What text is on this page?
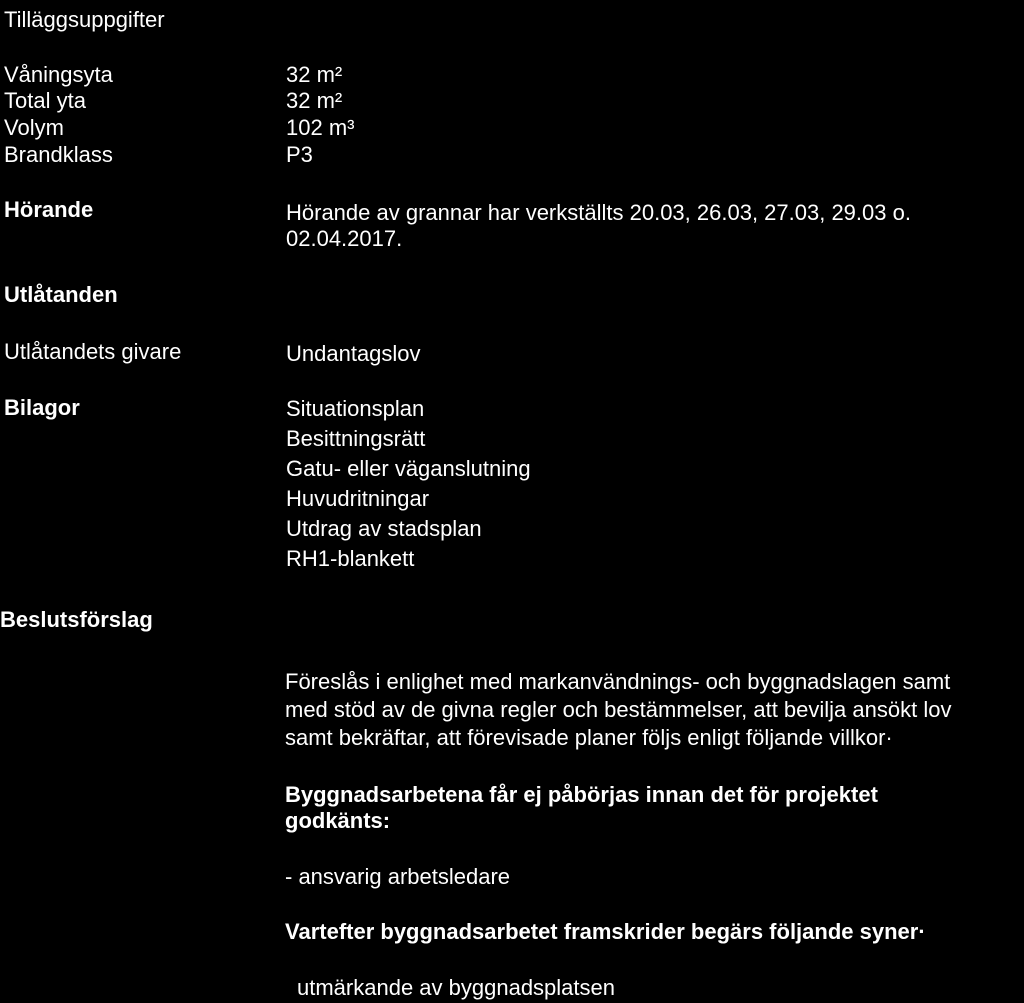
Tilläggsuppgifter
Våningsyta	32 m²
Total yta	32 m²
Volym	102 m³
Brandklass	P3
Hörande	Hörande av grannar har verkställts 20.03, 26.03, 27.03, 29.03 o.
02.04.2017.
Utlåtanden
Utlåtandets givare	Undantagslov
Bilagor	Situationsplan
Besittningsrätt
Gatu- eller väganslutning
Huvudritningar
Utdrag av stadsplan
RH1-blankett
Beslutsförslag
Föreslås i enlighet med markanvändnings- och byggnadslagen samt
med stöd av de givna regler och bestämmelser, att bevilja ansökt lov
samt bekräftar, att förevisade planer följs enligt följande villkor·
Byggnadsarbetena får ej påbörjas innan det för projektet
godkänts:
- ansvarig arbetsledare
Vartefter byggnadsarbetet framskrider begärs följande syner·
utmärkande av byggnadsplatsen
